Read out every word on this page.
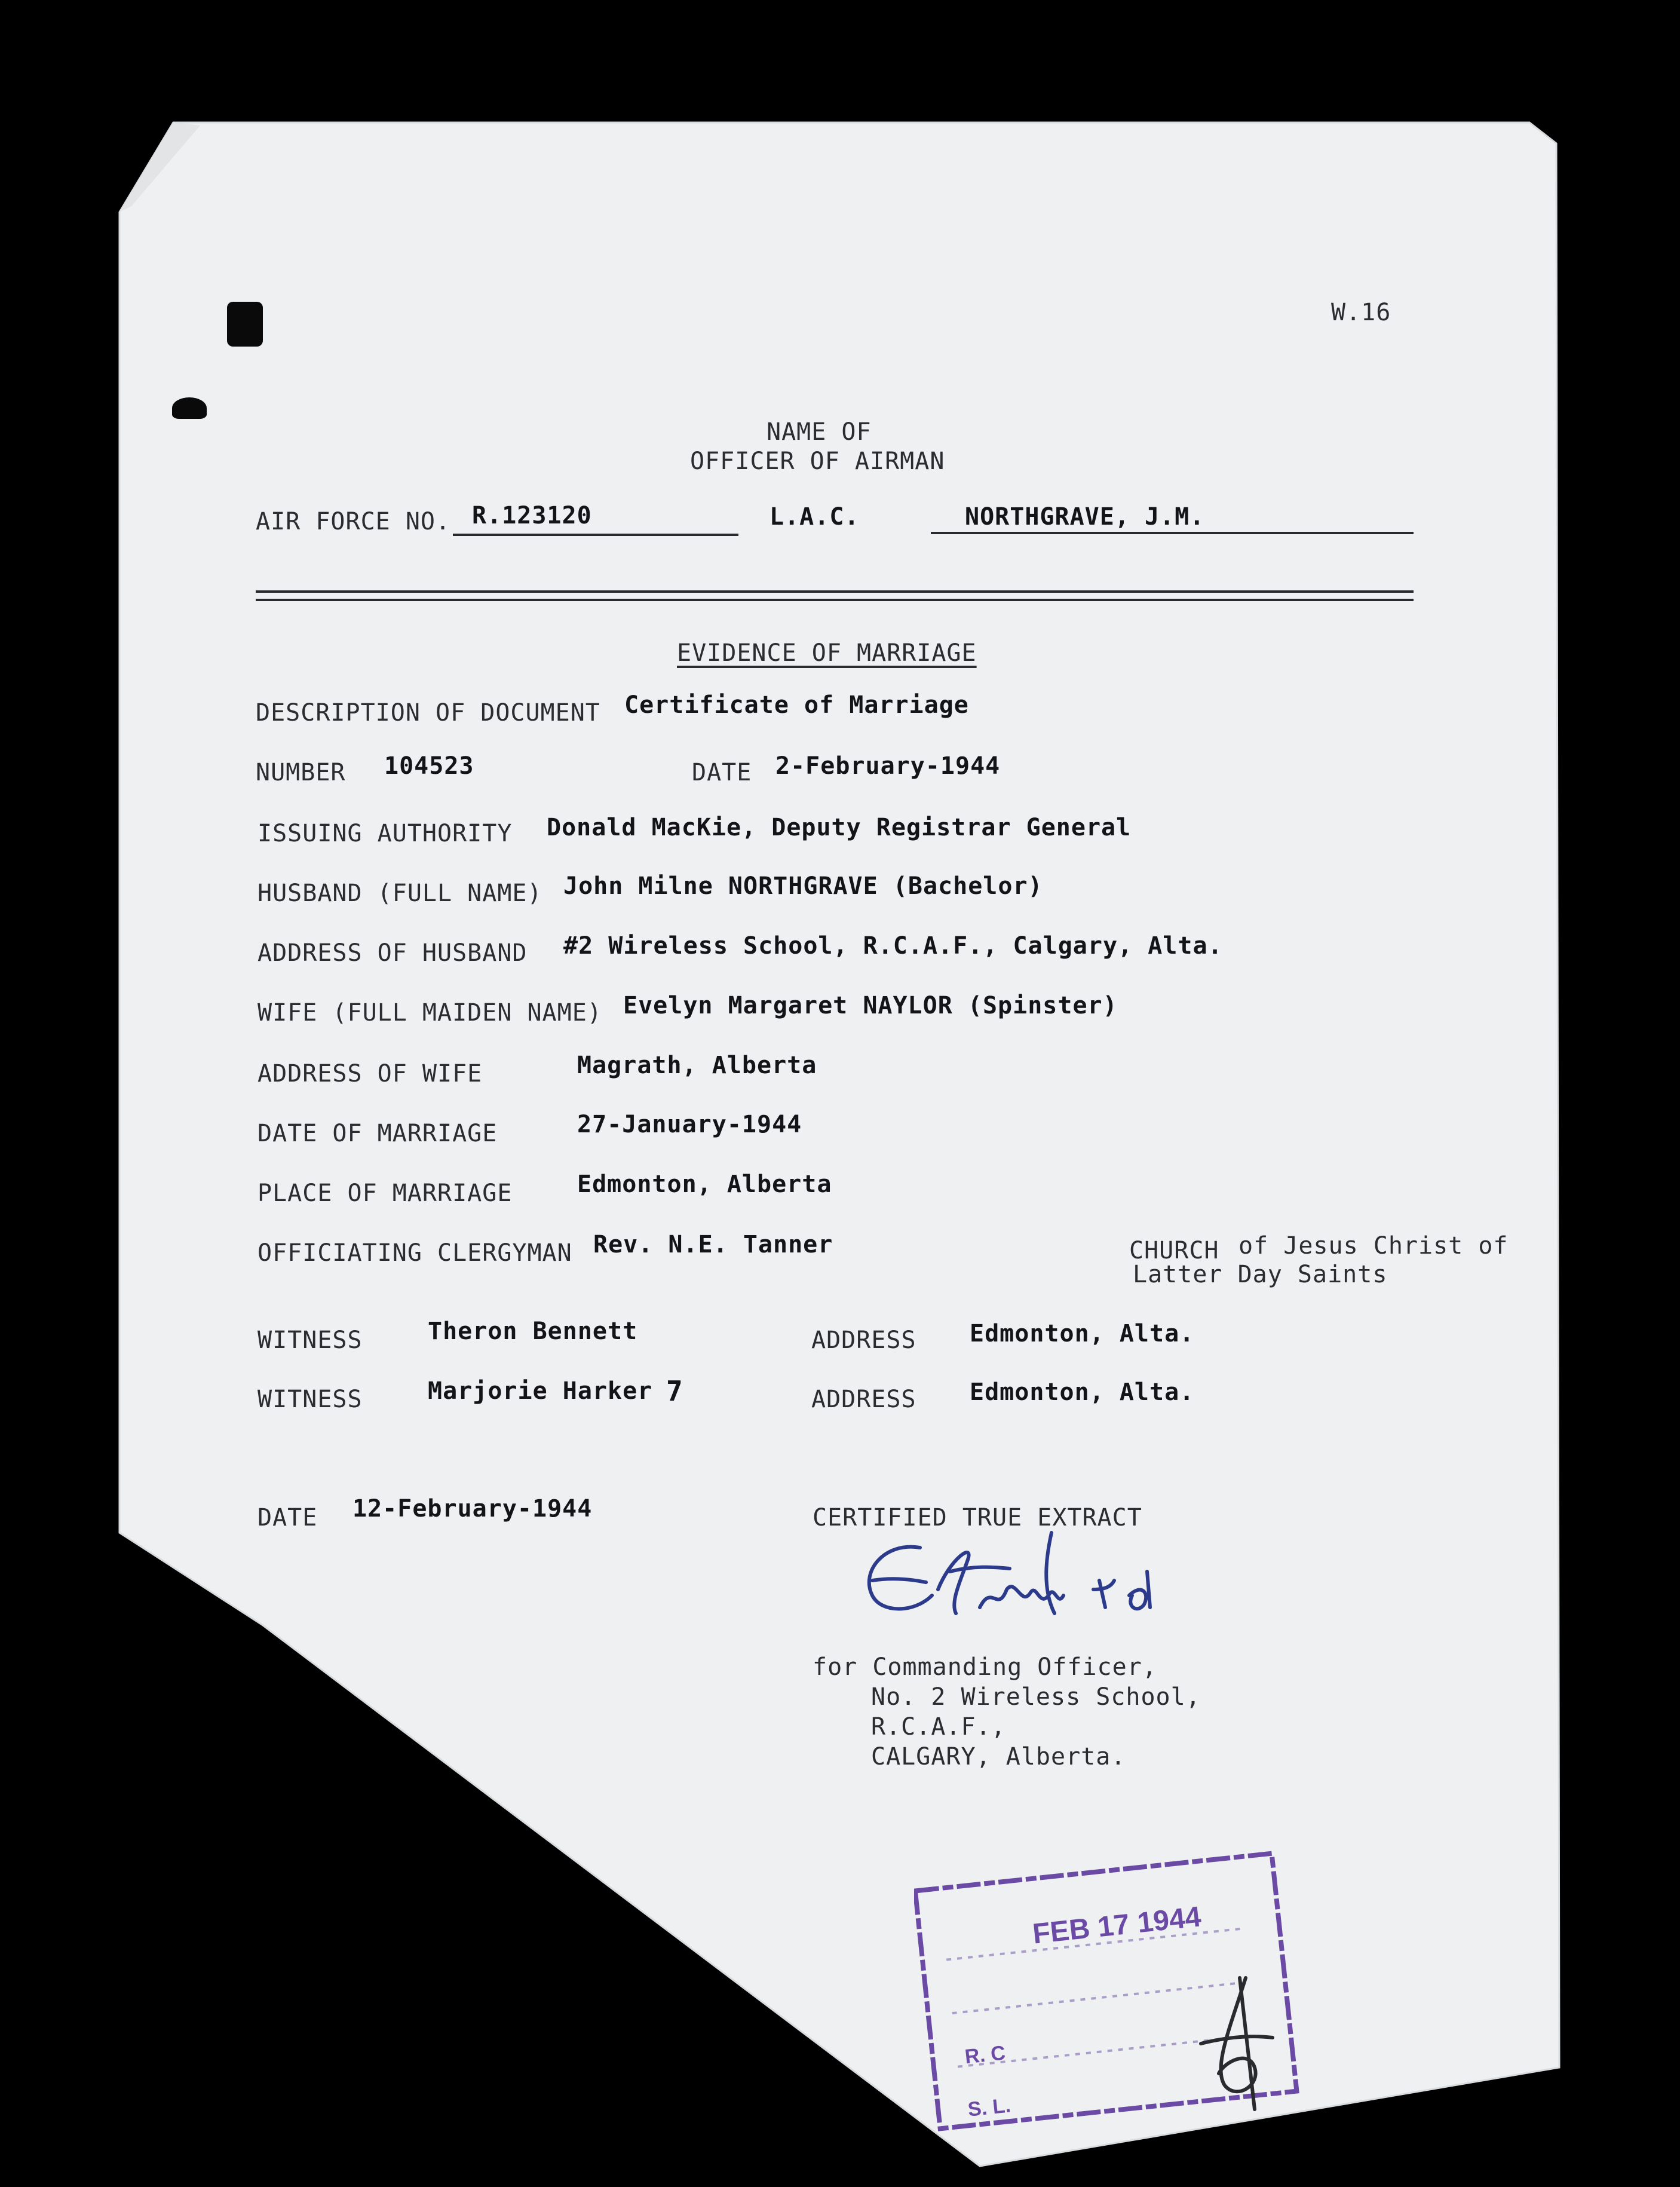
W.16
NAME OF
OFFICER OF AIRMAN
AIR FORCE NO. R.123120	L.A.C.	NORTHGRAVE, J.M.
EVIDENCE OF MARRIAGE
DESCRIPTION OF DOCUMENT Certificate of Marriage
NUMBER 104523	DATE 2-February-1944
ISSUING AUTHORITY Donald MacKie, Deputy Registrar General
HUSBAND (FULL NAME) John Milne NORTHGRAVE (Bachelor)
ADDRESS OF HUSBAND #2 Wireless School, R.C.A.F., Calgary, Alta.
WIFE (FULL MAIDEN NAME) Evelyn Margaret NAYLOR (Spinster)
ADDRESS OF WIFE	Magrath, Alberta
DATE OF MARRIAGE	27-January-1944
PLACE OF MARRIAGE	Edmonton, Alberta
OFFICIATING CLERGYMAN Rev. N.E. Tanner	CHURCH of Jesus Christ of
Latter Day Saints
WITNESS	Theron Bennett	ADDRESS Edmonton, Alta.
WITNESS	Marjorie Harker 7	ADDRESS Edmonton, Alta.
DATE 12-February-1944	CERTIFIED TRUE EXTRACT
for Commanding Officer,
No. 2 Wireless School,
R.C.A.F.,
CALGARY, Alberta.
FEB 17 1944
R. C
S. L.
